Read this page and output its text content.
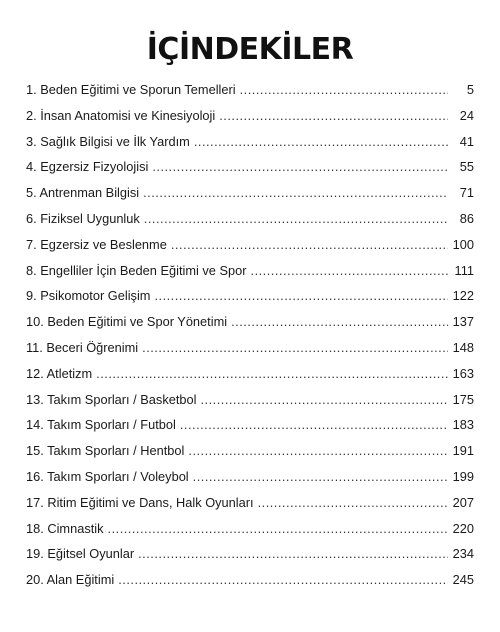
İÇİNDEKİLER
1. Beden Eğitimi ve Sporun Temelleri .....	5
2. İnsan Anatomisi ve Kinesiyoloji .....	24
3. Sağlık Bilgisi ve İlk Yardım .....	41
4. Egzersiz Fizyolojisi .....	55
5. Antrenman Bilgisi .....	71
6. Fiziksel Uygunluk .....	86
7. Egzersiz ve Beslenme .....	100
8. Engelliler İçin Beden Eğitimi ve Spor .....	111
9. Psikomotor Gelişim .....	122
10. Beden Eğitimi ve Spor Yönetimi .....	137
11. Beceri Öğrenimi .....	148
12. Atletizm .....	163
13. Takım Sporları / Basketbol .....	175
14. Takım Sporları / Futbol .....	183
15. Takım Sporları / Hentbol .....	191
16. Takım Sporları / Voleybol .....	199
17. Ritim Eğitimi ve Dans, Halk Oyunları .....	207
18. Cimnastik .....	220
19. Eğitsel Oyunlar .....	234
20. Alan Eğitimi .....	245
